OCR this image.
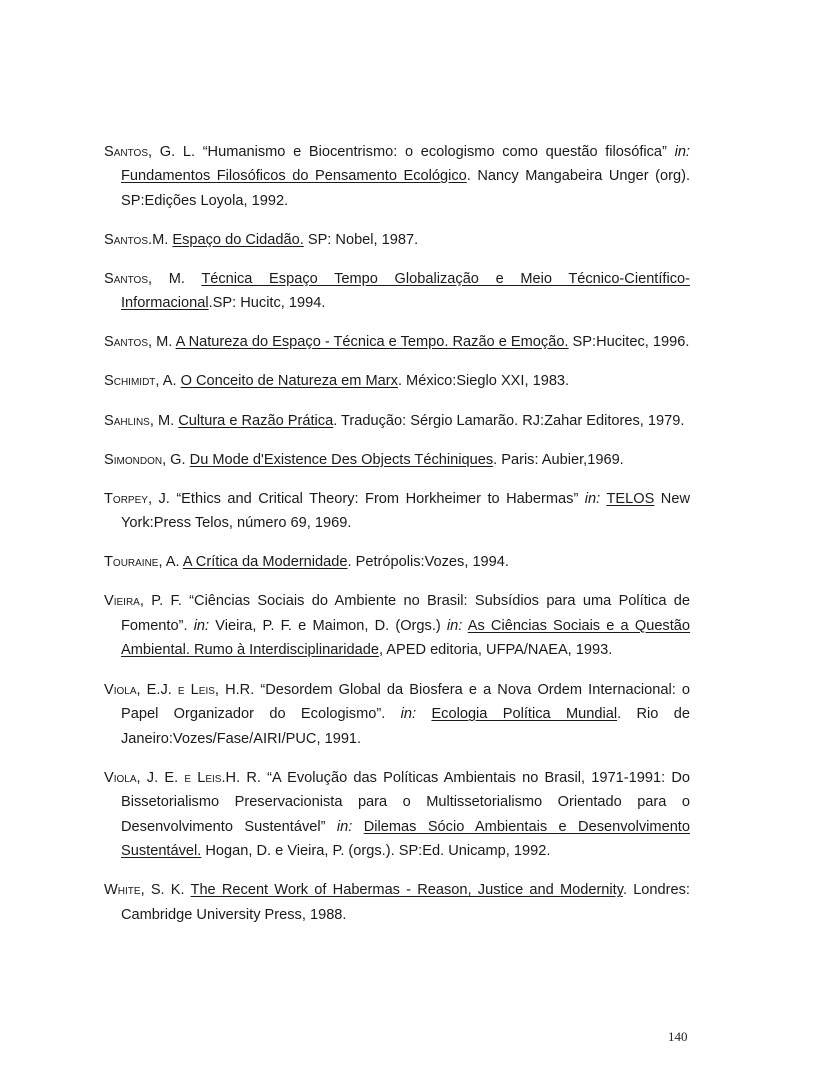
Santos, G. L. “Humanismo e Biocentrismo: o ecologismo como questão filosófica” in: Fundamentos Filosóficos do Pensamento Ecológico. Nancy Mangabeira Unger (org). SP:Edições Loyola, 1992.

Santos.M. Espaço do Cidadão. SP: Nobel, 1987.

Santos, M. Técnica Espaço Tempo Globalização e Meio Técnico-Científico-Informacional.SP: Hucitc, 1994.

Santos, M. A Natureza do Espaço - Técnica e Tempo. Razão e Emoção. SP:Hucitec, 1996.

Schimidt, A. O Conceito de Natureza em Marx. México:Sieglo XXI, 1983.

Sahlins, M. Cultura e Razão Prática. Tradução: Sérgio Lamarão. RJ:Zahar Editores, 1979.

Simondon, G. Du Mode d'Existence Des Objects Téchiniques. Paris: Aubier,1969.

Torpey, J. “Ethics and Critical Theory: From Horkheimer to Habermas” in: TELOS New York:Press Telos, número 69, 1969.

Touraine, A. A Crítica da Modernidade. Petrópolis:Vozes, 1994.

Vieira, P. F. “Ciências Sociais do Ambiente no Brasil: Subsídios para uma Política de Fomento”. in: Vieira, P. F. e Maimon, D. (Orgs.) in: As Ciências Sociais e a Questão Ambiental. Rumo à Interdisciplinaridade, APED editoria, UFPA/NAEA, 1993.

Viola, E.J. e Leis, H.R. “Desordem Global da Biosfera e a Nova Ordem Internacional: o Papel Organizador do Ecologismo”. in: Ecologia Política Mundial. Rio de Janeiro:Vozes/Fase/AIRI/PUC, 1991.

Viola, J. E. e Leis.H. R. “A Evolução das Políticas Ambientais no Brasil, 1971-1991: Do Bissetorialismo Preservacionista para o Multissetorialismo Orientado para o Desenvolvimento Sustentável” in: Dilemas Sócio Ambientais e Desenvolvimento Sustentável. Hogan, D. e Vieira, P. (orgs.). SP:Ed. Unicamp, 1992.

White, S. K. The Recent Work of Habermas - Reason, Justice and Modernity. Londres: Cambridge University Press, 1988.

140
